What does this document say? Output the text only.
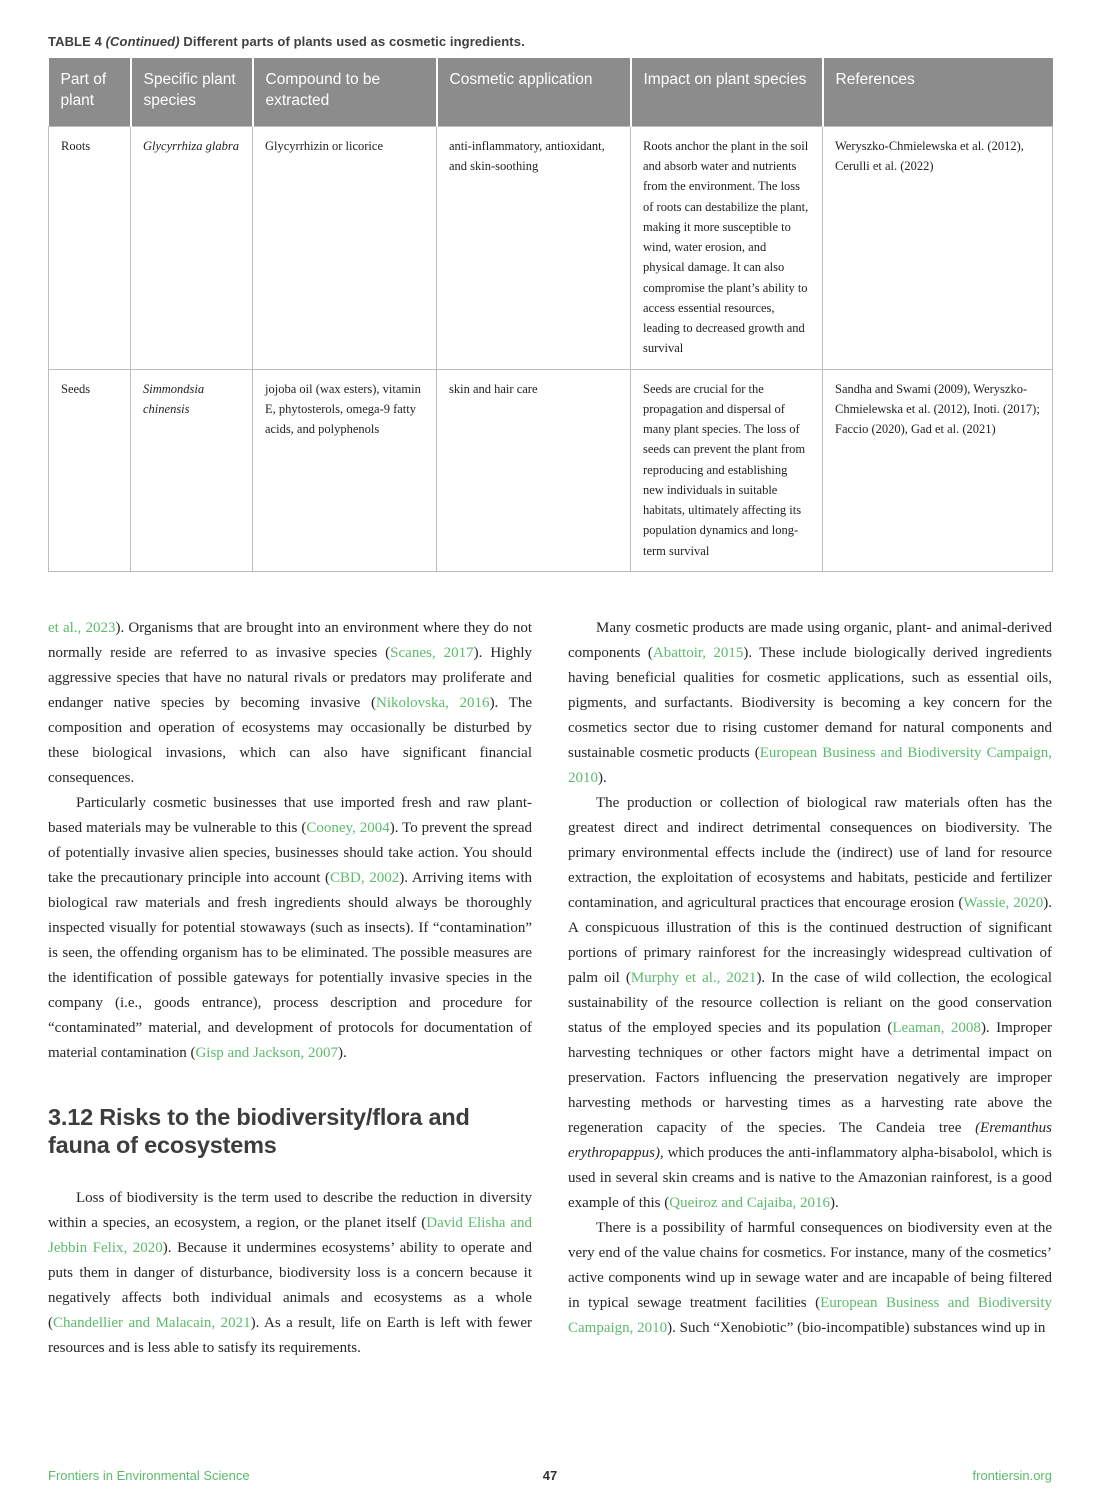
TABLE 4 (Continued) Different parts of plants used as cosmetic ingredients.
Part of plant	Specific plant species	Compound to be extracted	Cosmetic application	Impact on plant species	References
Roots	Glycyrrhiza glabra	Glycyrrhizin or licorice	anti-inflammatory, antioxidant, and skin-soothing	Roots anchor the plant in the soil and absorb water and nutrients from the environment. The loss of roots can destabilize the plant, making it more susceptible to wind, water erosion, and physical damage. It can also compromise the plant’s ability to access essential resources, leading to decreased growth and survival	Weryszko-Chmielewska et al. (2012), Cerulli et al. (2022)
Seeds	Simmondsia chinensis	jojoba oil (wax esters), vitamin E, phytosterols, omega-9 fatty acids, and polyphenols	skin and hair care	Seeds are crucial for the propagation and dispersal of many plant species. The loss of seeds can prevent the plant from reproducing and establishing new individuals in suitable habitats, ultimately affecting its population dynamics and long-term survival	Sandha and Swami (2009), Weryszko-Chmielewska et al. (2012), Inoti. (2017); Faccio (2020), Gad et al. (2021)

et al., 2023). Organisms that are brought into an environment where they do not normally reside are referred to as invasive species (Scanes, 2017). Highly aggressive species that have no natural rivals or predators may proliferate and endanger native species by becoming invasive (Nikolovska, 2016). The composition and operation of ecosystems may occasionally be disturbed by these biological invasions, which can also have significant financial consequences.

Particularly cosmetic businesses that use imported fresh and raw plant-based materials may be vulnerable to this (Cooney, 2004). To prevent the spread of potentially invasive alien species, businesses should take action. You should take the precautionary principle into account (CBD, 2002). Arriving items with biological raw materials and fresh ingredients should always be thoroughly inspected visually for potential stowaways (such as insects). If “contamination” is seen, the offending organism has to be eliminated. The possible measures are the identification of possible gateways for potentially invasive species in the company (i.e., goods entrance), process description and procedure for “contaminated” material, and development of protocols for documentation of material contamination (Gisp and Jackson, 2007).

3.12 Risks to the biodiversity/flora and fauna of ecosystems

Loss of biodiversity is the term used to describe the reduction in diversity within a species, an ecosystem, a region, or the planet itself (David Elisha and Jebbin Felix, 2020). Because it undermines ecosystems’ ability to operate and puts them in danger of disturbance, biodiversity loss is a concern because it negatively affects both individual animals and ecosystems as a whole (Chandellier and Malacain, 2021). As a result, life on Earth is left with fewer resources and is less able to satisfy its requirements.

Many cosmetic products are made using organic, plant- and animal-derived components (Abattoir, 2015). These include biologically derived ingredients having beneficial qualities for cosmetic applications, such as essential oils, pigments, and surfactants. Biodiversity is becoming a key concern for the cosmetics sector due to rising customer demand for natural components and sustainable cosmetic products (European Business and Biodiversity Campaign, 2010).

The production or collection of biological raw materials often has the greatest direct and indirect detrimental consequences on biodiversity. The primary environmental effects include the (indirect) use of land for resource extraction, the exploitation of ecosystems and habitats, pesticide and fertilizer contamination, and agricultural practices that encourage erosion (Wassie, 2020). A conspicuous illustration of this is the continued destruction of significant portions of primary rainforest for the increasingly widespread cultivation of palm oil (Murphy et al., 2021). In the case of wild collection, the ecological sustainability of the resource collection is reliant on the good conservation status of the employed species and its population (Leaman, 2008). Improper harvesting techniques or other factors might have a detrimental impact on preservation. Factors influencing the preservation negatively are improper harvesting methods or harvesting times as a harvesting rate above the regeneration capacity of the species. The Candeia tree (Eremanthus erythropappus), which produces the anti-inflammatory alpha-bisabolol, which is used in several skin creams and is native to the Amazonian rainforest, is a good example of this (Queiroz and Cajaiba, 2016).

There is a possibility of harmful consequences on biodiversity even at the very end of the value chains for cosmetics. For instance, many of the cosmetics’ active components wind up in sewage water and are incapable of being filtered in typical sewage treatment facilities (European Business and Biodiversity Campaign, 2010). Such “Xenobiotic” (bio-incompatible) substances wind up in

Frontiers in Environmental Science	47	frontiersin.org
